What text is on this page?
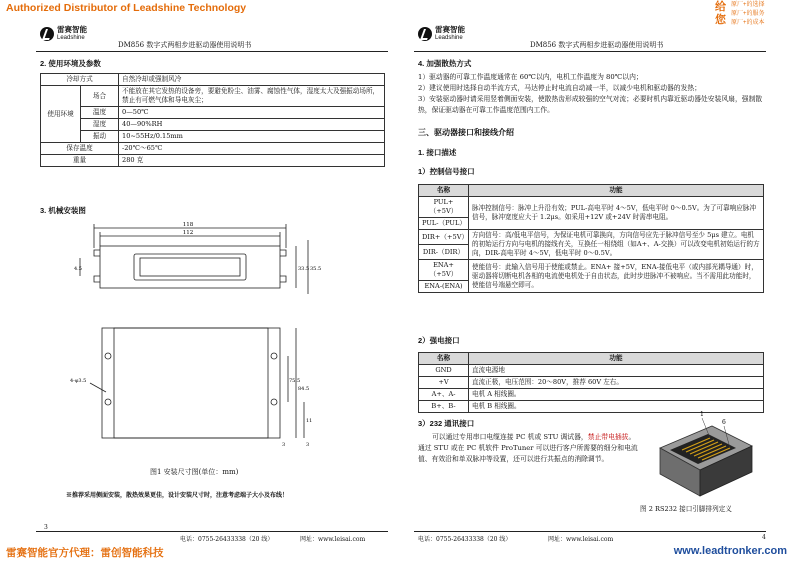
Authorized Distributor of Leadshine Technology	给
您
原厂+的选择
原厂+的服务
原厂+的成本
雷赛智能
Leadshine
DM856 数字式两相步进驱动器使用说明书
雷赛智能
Leadshine
DM856 数字式两相步进驱动器使用说明书
2. 使用环境及参数
冷却方式		自然冷却或强制风冷
使用环境	场合	不能放在其它发热的设备旁，要避免粉尘、油雾、腐蚀性气体，湿度太大及强振动场所，禁止有可燃气体和导电灰尘；
	温度	0—50℃
	湿度	40—90%RH
	振动	10~55Hz/0.15mm
保存温度		-20℃～65℃
重量		280 克
3. 机械安装图
118
112
4.5	33.5 35.5
4-φ3.5	75.5
84.5
11
3	3
图1 安装尺寸图(单位：mm)
※推荐采用侧面安装，散热效果更佳，设计安装尺寸时，注意考虑端子大小及布线！
3
电话：0755-26433338（20 线）	网址：www.leisai.com
4. 加强散热方式
1）驱动器的可靠工作温度通常在 60℃以内，电机工作温度为 80℃以内；
2）建议使用时选择自动半流方式，马达停止时电流自动减一半，以减少电机和驱动器的发热；
3）安装驱动器时请采用竖着侧面安装，使散热齿形成较强的空气对流；必要时机内靠近驱动器处安装风扇，强制散热，保证驱动器在可靠工作温度范围内工作。
三、驱动器接口和接线介绍
1. 接口描述
1）控制信号接口
名称	功能
PUL+（+5V）	脉冲控制信号：脉冲上升沿有效；PUL-高电平时 4～5V，低电平时 0～0.5V。为了可靠响应脉冲信号，脉冲宽度应大于 1.2μs。如采用+12V 或+24V 时需串电阻。
PUL-（PUL）	
DIR+（+5V）	方向信号：高/低电平信号，为保证电机可靠换向，方向信号应先于脉冲信号至少 5μs 建立。电机的初始运行方向与电机的接线有关，互换任一相绕组（如A+、A-交换）可以改变电机初始运行的方向，DIR-高电平时 4～5V，低电平时 0～0.5V。
DIR-（DIR）	
ENA+（+5V）	使能信号：此输入信号用于使能或禁止。ENA+ 接+5V，ENA-接低电平（或内部光耦导通）时，驱动器将切断电机各相的电流使电机处于自由状态，此时步进脉冲不被响应。当不需用此功能时，使能信号端悬空即可。
ENA-(ENA)	
2）强电接口
名称	功能
GND	直流电源地
+V	直流正极，电压范围：20～80V，推荐 60V 左右。
A+、A-	电机 A 相线圈。
B+、B-	电机 B 相线圈。
3）232 通讯接口
可以通过专用串口电缆连接 PC 机或 STU 调试器，禁止带电插拔。通过 STU 或在 PC 机软件 ProTuner 可以进行客户所需要的细分和电流值、有效沿和单双脉冲等设置，还可以进行共振点的消除调节。
1
6
图 2 RS232 接口引脚排列定义
电话：0755-26433338（20 线）	网址：www.leisai.com	4
雷赛智能官方代理：雷创智能科技	www.leadtronker.com
